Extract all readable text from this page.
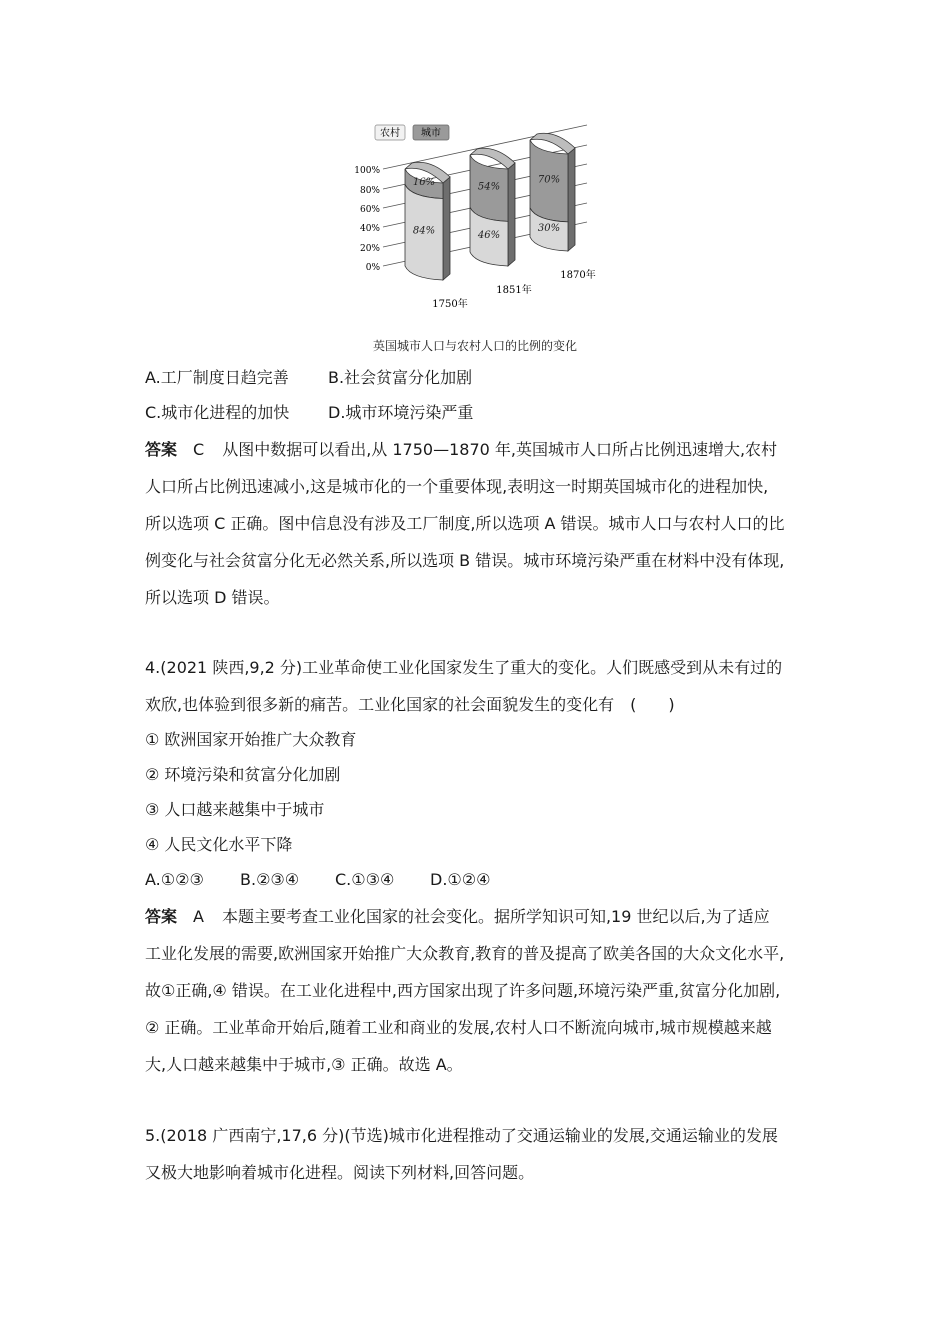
农村 城市
100%
80%
60%
40%
20%
0%
16%
84%
54%
46%
70%
30%
1750年
1851年
1870年
英国城市人口与农村人口的比例的变化
A.工厂制度日趋完善 B.社会贫富分化加剧
C.城市化进程的加快 D.城市环境污染严重
答案 C 从图中数据可以看出,从 1750—1870 年,英国城市人口所占比例迅速增大,农村
人口所占比例迅速减小,这是城市化的一个重要体现,表明这一时期英国城市化的进程加快,
所以选项 C 正确。图中信息没有涉及工厂制度,所以选项 A 错误。城市人口与农村人口的比
例变化与社会贫富分化无必然关系,所以选项 B 错误。城市环境污染严重在材料中没有体现,
所以选项 D 错误。
4.(2021 陕西,9,2 分)工业革命使工业化国家发生了重大的变化。人们既感受到从未有过的
欢欣,也体验到很多新的痛苦。工业化国家的社会面貌发生的变化有　(　　)
① 欧洲国家开始推广大众教育
② 环境污染和贫富分化加剧
③ 人口越来越集中于城市
④ 人民文化水平下降
A.①②③ B.②③④ C.①③④ D.①②④
答案 A 本题主要考查工业化国家的社会变化。据所学知识可知,19 世纪以后,为了适应
工业化发展的需要,欧洲国家开始推广大众教育,教育的普及提高了欧美各国的大众文化水平,
故①正确,④ 错误。在工业化进程中,西方国家出现了许多问题,环境污染严重,贫富分化加剧,
② 正确。工业革命开始后,随着工业和商业的发展,农村人口不断流向城市,城市规模越来越
大,人口越来越集中于城市,③ 正确。故选 A。
5.(2018 广西南宁,17,6 分)(节选)城市化进程推动了交通运输业的发展,交通运输业的发展
又极大地影响着城市化进程。阅读下列材料,回答问题。
